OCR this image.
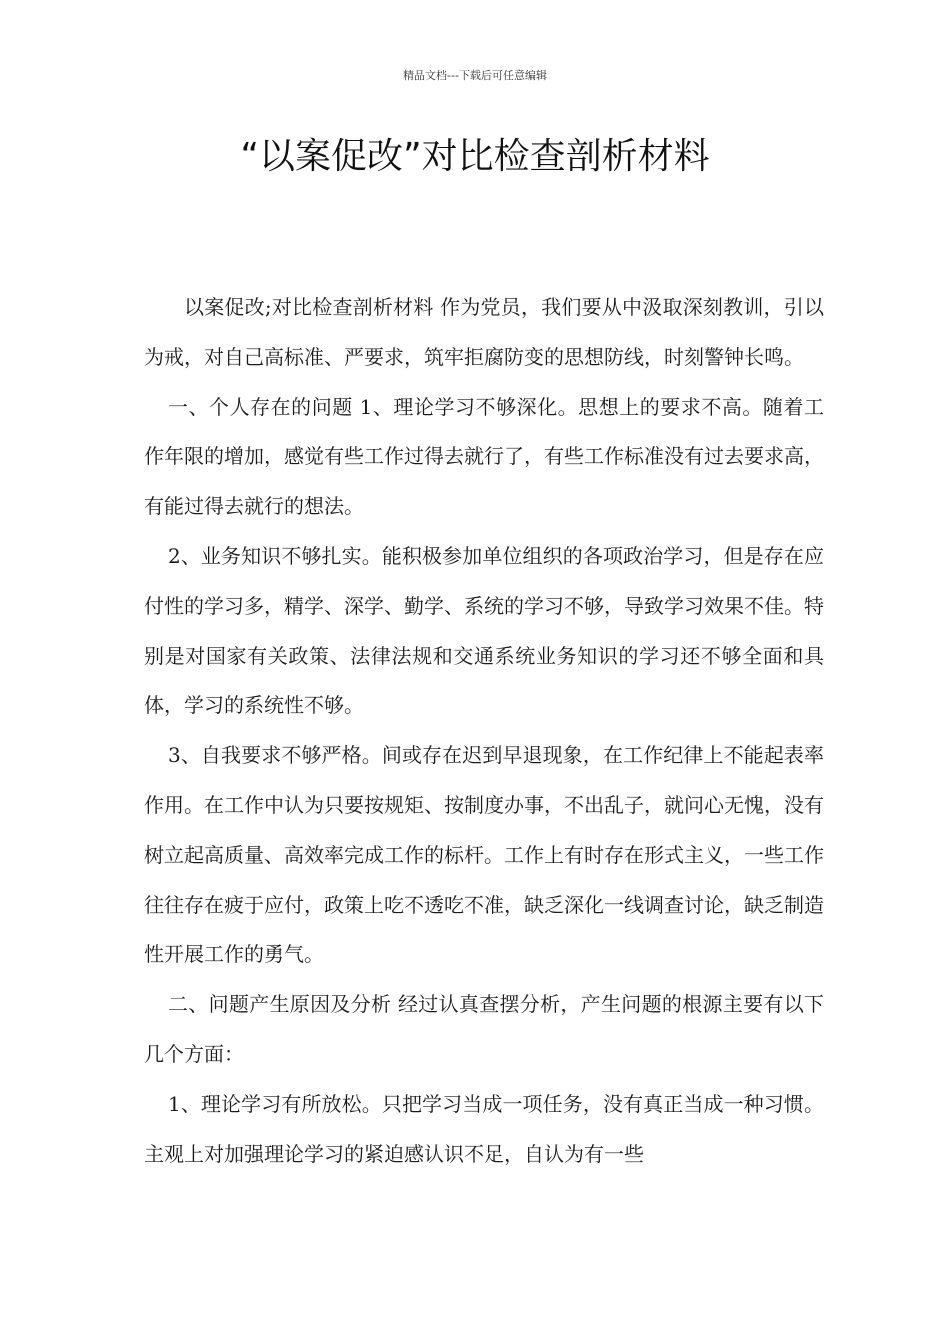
精品文档---下载后可任意编辑
“以案促改”对比检查剖析材料

以案促改;对比检查剖析材料 作为党员，我们要从中汲取深刻教训，引以为戒，对自己高标准、严要求，筑牢拒腐防变的思想防线，时刻警钟长鸣。

一、个人存在的问题 1、理论学习不够深化。思想上的要求不高。随着工作年限的增加，感觉有些工作过得去就行了，有些工作标准没有过去要求高，有能过得去就行的想法。

2、业务知识不够扎实。能积极参加单位组织的各项政治学习，但是存在应付性的学习多，精学、深学、勤学、系统的学习不够，导致学习效果不佳。特别是对国家有关政策、法律法规和交通系统业务知识的学习还不够全面和具体，学习的系统性不够。

3、自我要求不够严格。间或存在迟到早退现象，在工作纪律上不能起表率作用。在工作中认为只要按规矩、按制度办事，不出乱子，就问心无愧，没有树立起高质量、高效率完成工作的标杆。工作上有时存在形式主义，一些工作往往存在疲于应付，政策上吃不透吃不准，缺乏深化一线调查讨论，缺乏制造性开展工作的勇气。

二、问题产生原因及分析 经过认真查摆分析，产生问题的根源主要有以下几个方面：

1、理论学习有所放松。只把学习当成一项任务，没有真正当成一种习惯。主观上对加强理论学习的紧迫感认识不足，自认为有一些
